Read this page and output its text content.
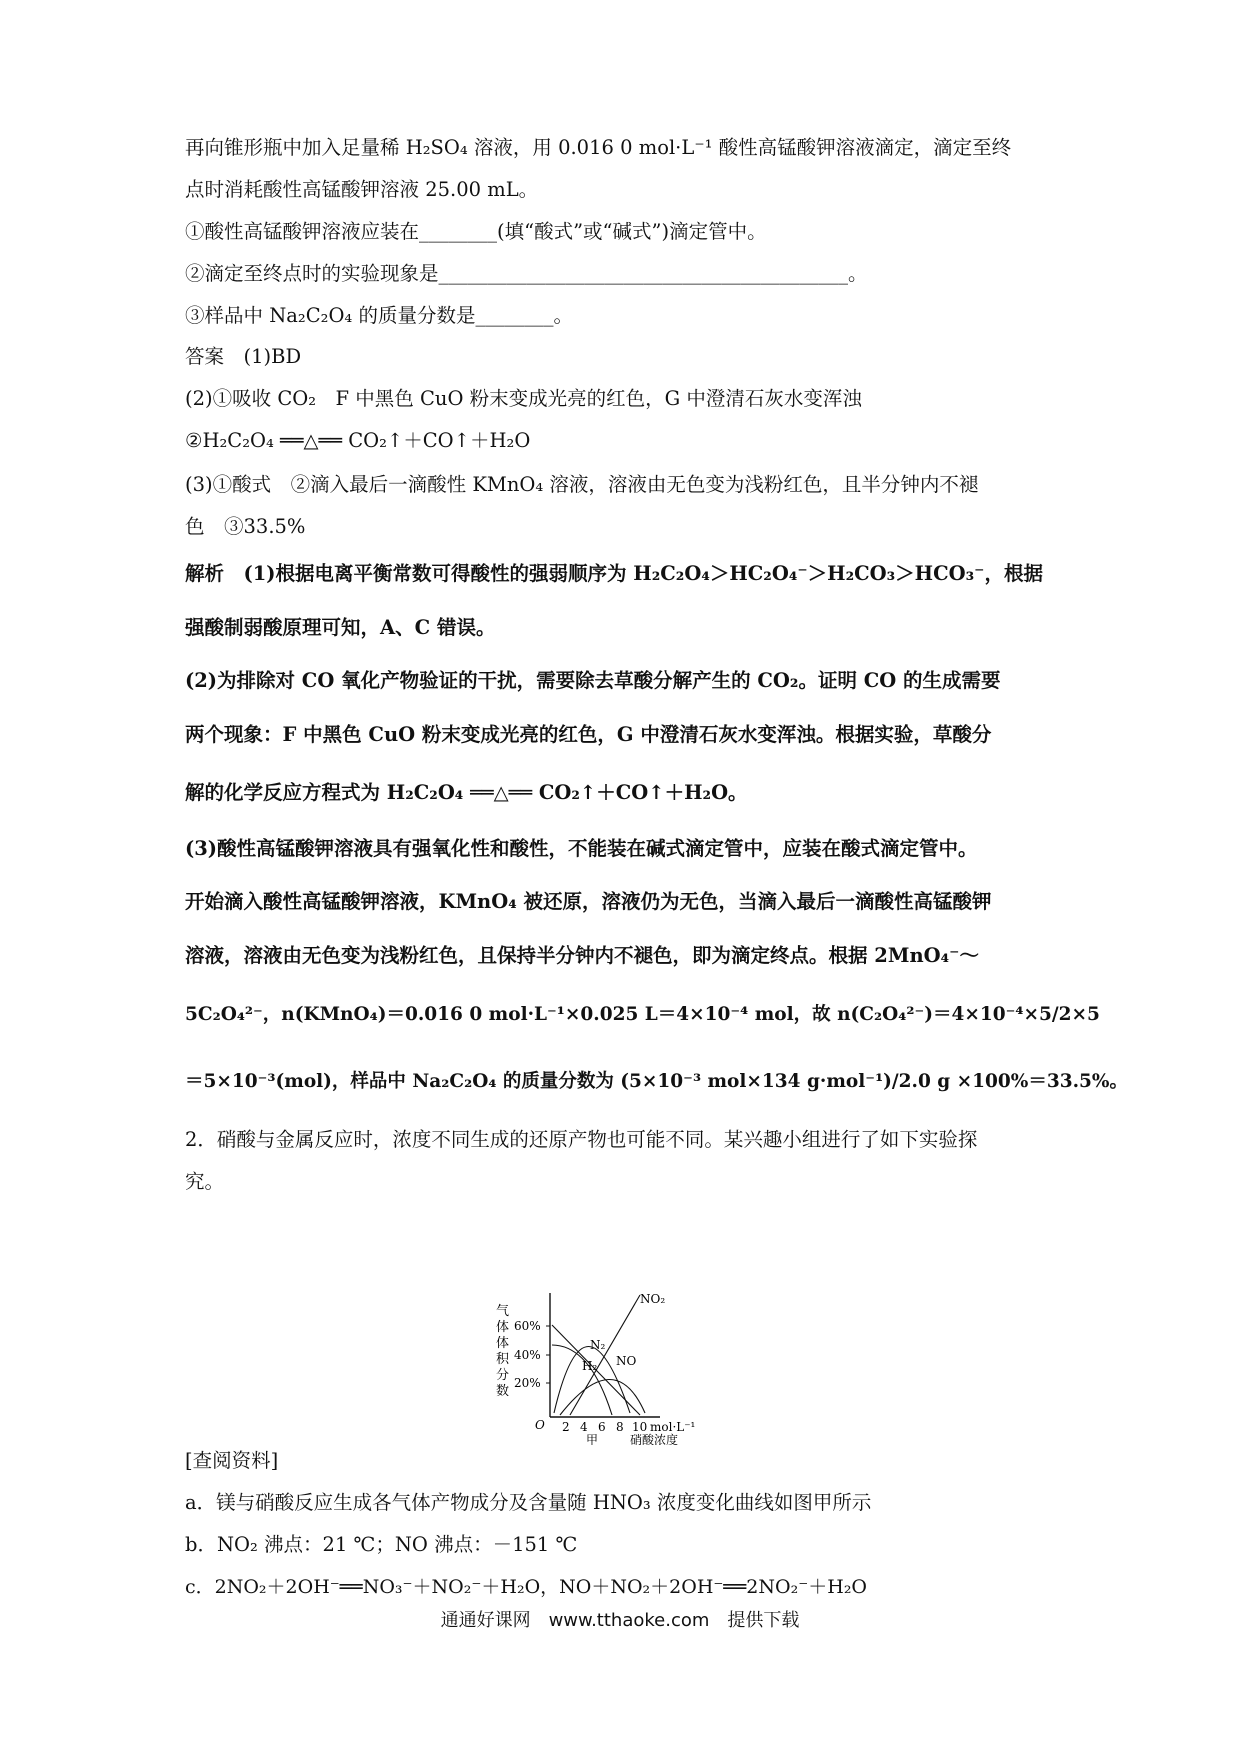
再向锥形瓶中加入足量稀 H₂SO₄ 溶液，用 0.016 0 mol·L⁻¹ 酸性高锰酸钾溶液滴定，滴定至终
点时消耗酸性高锰酸钾溶液 25.00 mL。
①酸性高锰酸钾溶液应装在________(填“酸式”或“碱式”)滴定管中。
②滴定至终点时的实验现象是__________________________________________。
③样品中 Na₂C₂O₄ 的质量分数是________。
答案　(1)BD
(2)①吸收 CO₂　F 中黑色 CuO 粉末变成光亮的红色，G 中澄清石灰水变浑浊
②H₂C₂O₄ ══△══ CO₂↑＋CO↑＋H₂O
(3)①酸式　②滴入最后一滴酸性 KMnO₄ 溶液，溶液由无色变为浅粉红色，且半分钟内不褪
色　③33.5%
解析　(1)根据电离平衡常数可得酸性的强弱顺序为 H₂C₂O₄＞HC₂O₄⁻＞H₂CO₃＞HCO₃⁻，根据
强酸制弱酸原理可知，A、C 错误。
(2)为排除对 CO 氧化产物验证的干扰，需要除去草酸分解产生的 CO₂。证明 CO 的生成需要
两个现象：F 中黑色 CuO 粉末变成光亮的红色，G 中澄清石灰水变浑浊。根据实验，草酸分
解的化学反应方程式为 H₂C₂O₄ ══△══ CO₂↑＋CO↑＋H₂O。
(3)酸性高锰酸钾溶液具有强氧化性和酸性，不能装在碱式滴定管中，应装在酸式滴定管中。
开始滴入酸性高锰酸钾溶液，KMnO₄ 被还原，溶液仍为无色，当滴入最后一滴酸性高锰酸钾
溶液，溶液由无色变为浅粉红色，且保持半分钟内不褪色，即为滴定终点。根据 2MnO₄⁻～
5C₂O₄²⁻，n(KMnO₄)＝0.016 0 mol·L⁻¹×0.025 L＝4×10⁻⁴ mol，故 n(C₂O₄²⁻)＝4×10⁻⁴×5/2×5
＝5×10⁻³(mol)，样品中 Na₂C₂O₄ 的质量分数为 (5×10⁻³ mol×134 g·mol⁻¹)/2.0 g ×100%＝33.5%。
2．硝酸与金属反应时，浓度不同生成的还原产物也可能不同。某兴趣小组进行了如下实验探
究。
气体体积分数
60%
40%
20%
O 2 4 6 8 10 mol·L⁻¹
甲	硝酸浓度
NO₂
N₂
NO
H₂
[查阅资料]
a．镁与硝酸反应生成各气体产物成分及含量随 HNO₃ 浓度变化曲线如图甲所示
b．NO₂ 沸点：21 ℃；NO 沸点：－151 ℃
c．2NO₂＋2OH⁻══NO₃⁻＋NO₂⁻＋H₂O，NO＋NO₂＋2OH⁻══2NO₂⁻＋H₂O
通通好课网　www.tthaoke.com　提供下载
